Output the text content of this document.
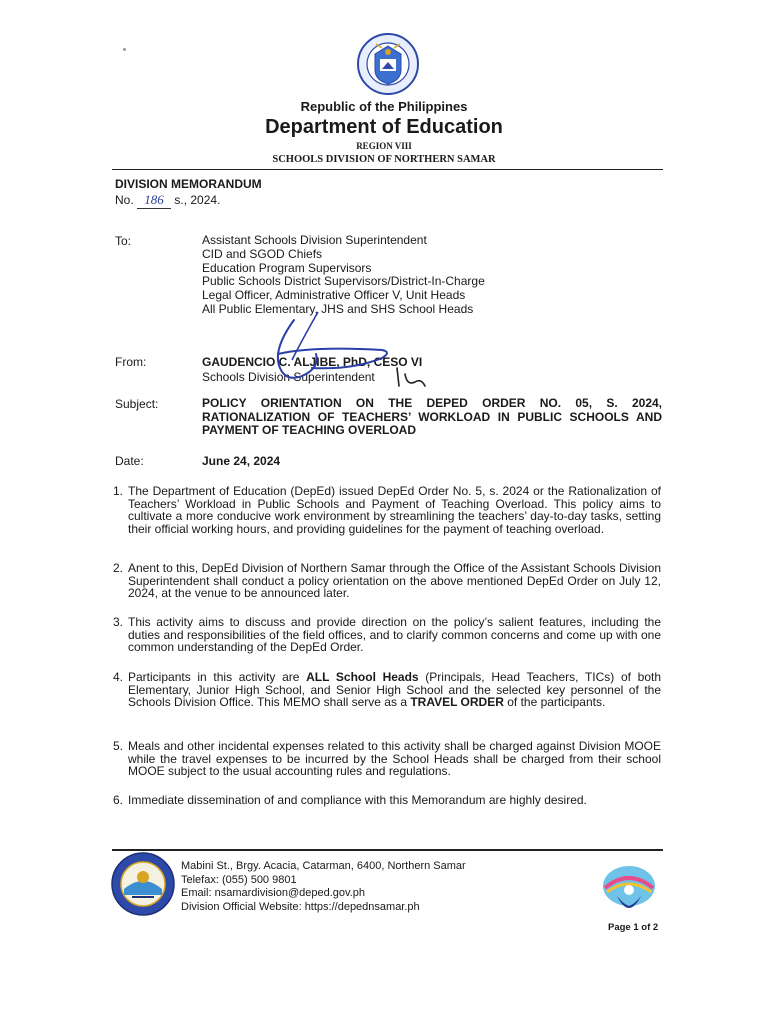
Republic of the Philippines
Department of Education
REGION VIII
SCHOOLS DIVISION OF NORTHERN SAMAR
DIVISION MEMORANDUM
No. 186 s., 2024.
To:	Assistant Schools Division Superintendent
CID and SGOD Chiefs
Education Program Supervisors
Public Schools District Supervisors/District-In-Charge
Legal Officer, Administrative Officer V, Unit Heads
All Public Elementary, JHS and SHS School Heads
From:	GAUDENCIO C. ALJIBE, PhD, CESO VI
Schools Division Superintendent
Subject:	POLICY ORIENTATION ON THE DEPED ORDER NO. 05, S. 2024, RATIONALIZATION OF TEACHERS’ WORKLOAD IN PUBLIC SCHOOLS AND PAYMENT OF TEACHING OVERLOAD
Date:	June 24, 2024
1. The Department of Education (DepEd) issued DepEd Order No. 5, s. 2024 or the Rationalization of Teachers’ Workload in Public Schools and Payment of Teaching Overload. This policy aims to cultivate a more conducive work environment by streamlining the teachers’ day-to-day tasks, setting their official working hours, and providing guidelines for the payment of teaching overload.
2. Anent to this, DepEd Division of Northern Samar through the Office of the Assistant Schools Division Superintendent shall conduct a policy orientation on the above mentioned DepEd Order on July 12, 2024, at the venue to be announced later.
3. This activity aims to discuss and provide direction on the policy’s salient features, including the duties and responsibilities of the field offices, and to clarify common concerns and come up with one common understanding of the DepEd Order.
4. Participants in this activity are ALL School Heads (Principals, Head Teachers, TICs) of both Elementary, Junior High School, and Senior High School and the selected key personnel of the Schools Division Office. This MEMO shall serve as a TRAVEL ORDER of the participants.
5. Meals and other incidental expenses related to this activity shall be charged against Division MOOE while the travel expenses to be incurred by the School Heads shall be charged from their school MOOE subject to the usual accounting rules and regulations.
6. Immediate dissemination of and compliance with this Memorandum are highly desired.
Mabini St., Brgy. Acacia, Catarman, 6400, Northern Samar
Telefax: (055) 500 9801
Email: nsamardivision@deped.gov.ph
Division Official Website: https://depednsamar.ph
Page 1 of 2
